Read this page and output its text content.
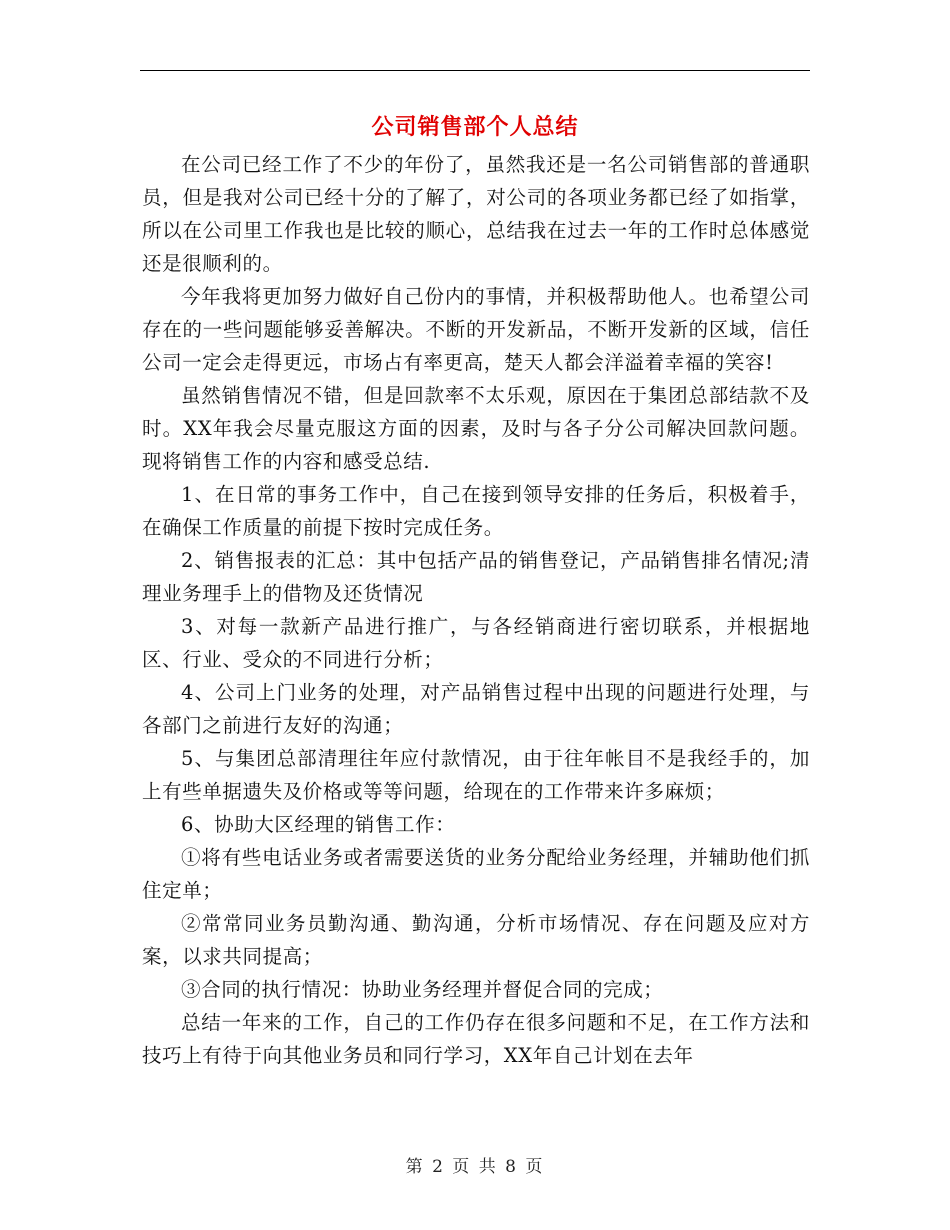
公司销售部个人总结

在公司已经工作了不少的年份了，虽然我还是一名公司销售部的普通职员，但是我对公司已经十分的了解了，对公司的各项业务都已经了如指掌，所以在公司里工作我也是比较的顺心，总结我在过去一年的工作时总体感觉还是很顺利的。

今年我将更加努力做好自己份内的事情，并积极帮助他人。也希望公司存在的一些问题能够妥善解决。不断的开发新品，不断开发新的区域，信任公司一定会走得更远，市场占有率更高，楚天人都会洋溢着幸福的笑容!

虽然销售情况不错，但是回款率不太乐观，原因在于集团总部结款不及时。XX年我会尽量克服这方面的因素，及时与各子分公司解决回款问题。现将销售工作的内容和感受总结.

1、在日常的事务工作中，自己在接到领导安排的任务后，积极着手，在确保工作质量的前提下按时完成任务。

2、销售报表的汇总：其中包括产品的销售登记，产品销售排名情况;清理业务理手上的借物及还货情况

3、对每一款新产品进行推广，与各经销商进行密切联系，并根据地区、行业、受众的不同进行分析；

4、公司上门业务的处理，对产品销售过程中出现的问题进行处理，与各部门之前进行友好的沟通；

5、与集团总部清理往年应付款情况，由于往年帐目不是我经手的，加上有些单据遗失及价格或等等问题，给现在的工作带来许多麻烦；

6、协助大区经理的销售工作：

①将有些电话业务或者需要送货的业务分配给业务经理，并辅助他们抓住定单；

②常常同业务员勤沟通、勤沟通，分析市场情况、存在问题及应对方案，以求共同提高；

③合同的执行情况：协助业务经理并督促合同的完成；

总结一年来的工作，自己的工作仍存在很多问题和不足，在工作方法和技巧上有待于向其他业务员和同行学习，XX年自己计划在去年

第 2 页 共 8 页
